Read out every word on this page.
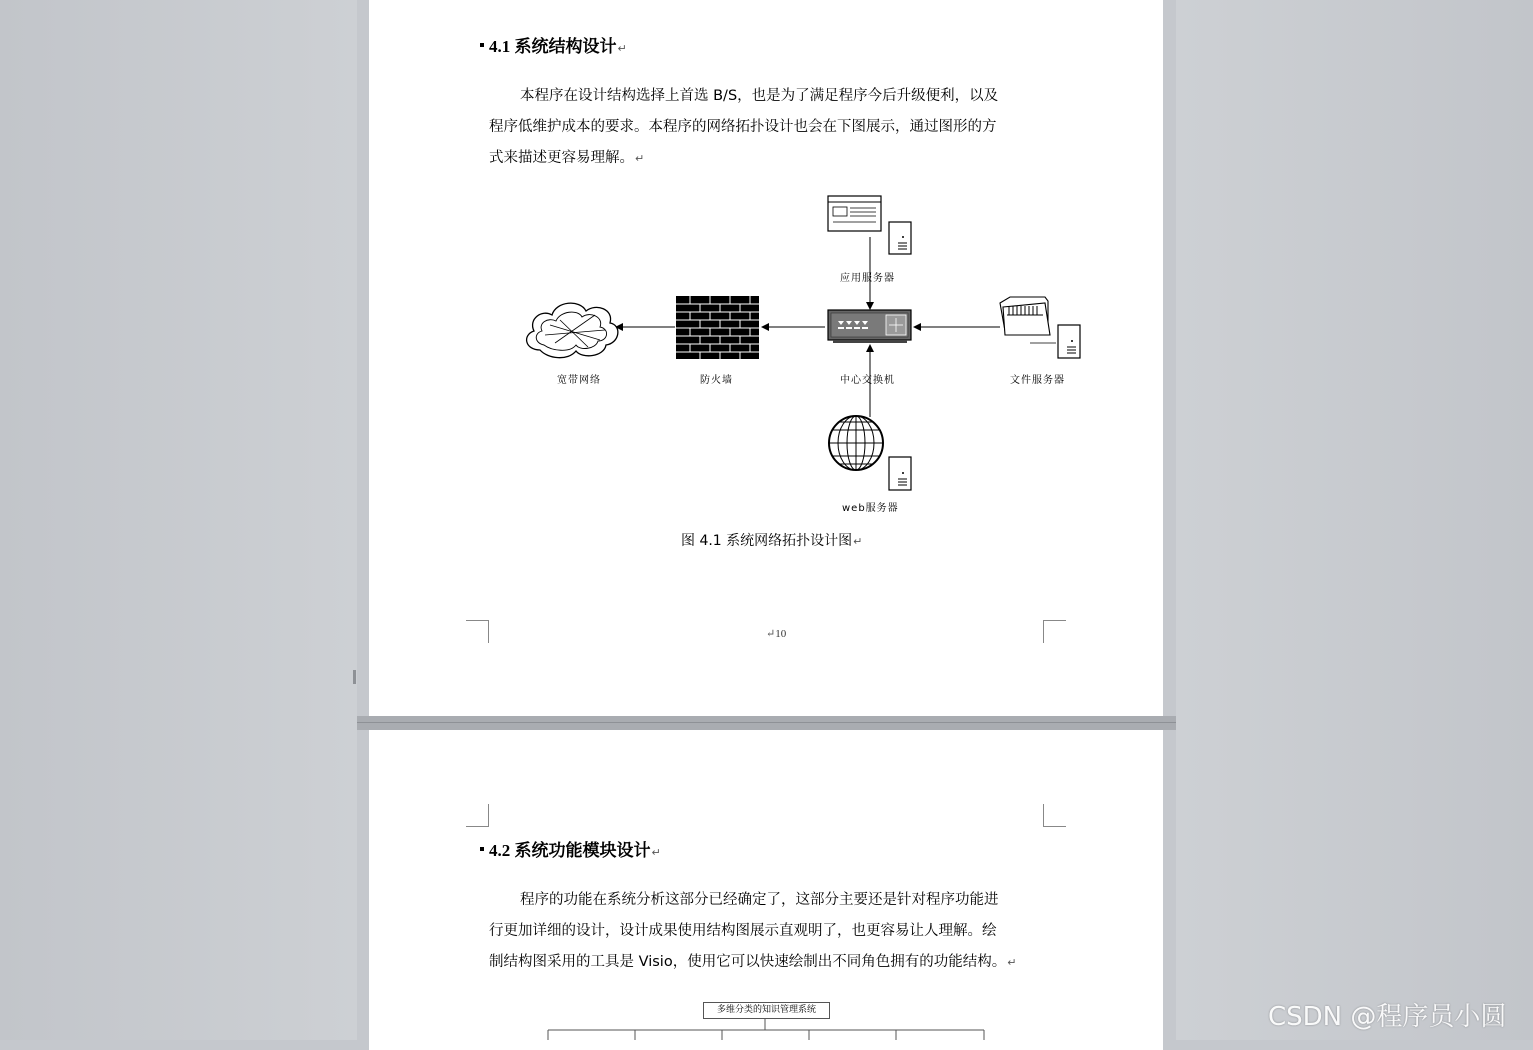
4.1 系统结构设计↵
本程序在设计结构选择上首选 B/S，也是为了满足程序今后升级便利，以及
程序低维护成本的要求。本程序的网络拓扑设计也会在下图展示，通过图形的方
式来描述更容易理解。↵
应用服务器
宽带网络	防火墙	中心交换机	文件服务器
web服务器
图 4.1 系统网络拓扑设计图↵
↵10
4.2 系统功能模块设计↵
程序的功能在系统分析这部分已经确定了，这部分主要还是针对程序功能进
行更加详细的设计，设计成果使用结构图展示直观明了，也更容易让人理解。绘
制结构图采用的工具是 Visio，使用它可以快速绘制出不同角色拥有的功能结构。↵
多维分类的知识管理系统	CSDN @程序员小圆
